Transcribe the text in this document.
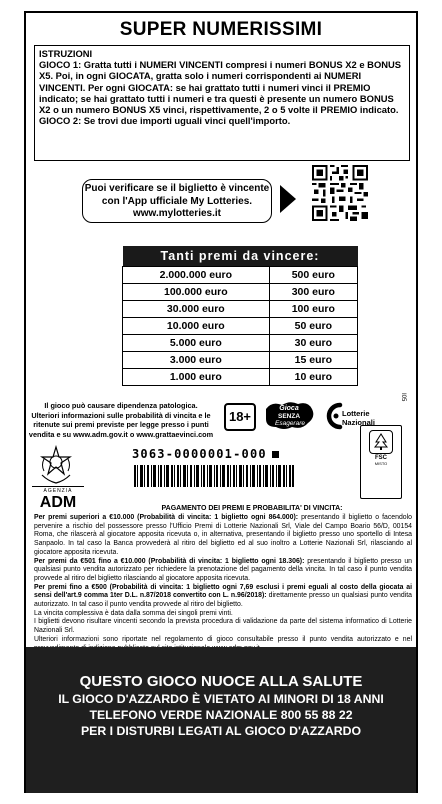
SUPER NUMERISSIMI

ISTRUZIONI

GIOCO 1: Gratta tutti i NUMERI VINCENTI compresi i numeri BONUS X2 e BONUS X5. Poi, in ogni GIOCATA, gratta solo i numeri corrispondenti ai NUMERI VINCENTI. Per ogni GIOCATA: se hai grattato tutti i numeri vinci il PREMIO indicato; se hai grattato tutti i numeri e tra questi è presente un numero BONUS X2 o un numero BONUS X5 vinci, rispettivamente, 2 o 5 volte il PREMIO indicato.

GIOCO 2: Se trovi due importi uguali vinci quell'importo.

Puoi verificare se il biglietto è vincente
con l'App ufficiale My Lotteries.
www.mylotteries.it
Tanti premi da vincere:	
2.000.000 euro	500 euro
100.000 euro	300 euro
30.000 euro	100 euro
10.000 euro	50 euro
5.000 euro	30 euro
3.000 euro	15 euro
1.000 euro	10 euro
Il gioco può causare dipendenza patologica.
Ulteriori informazioni sulle probabilità di vincita e le
ritenute sui premi previste per legge presso i punti
vendita e su www.adm.gov.it o www.grattaevinci.com
18+
Gioca
SENZA
Esagerare
Lotterie
Nazionali
I05
AGENZIA
ADM
3063-0000001-000	FSC
MISTO
PAGAMENTO DEI PREMI E PROBABILITA' DI VINCITA:

Per premi superiori a €10.000 (Probabilità di vincita: 1 biglietto ogni 864.000): presentando il biglietto o facendolo pervenire a rischio del possessore presso l'Ufficio Premi di Lotterie Nazionali Srl, Viale del Campo Boario 56/D, 00154 Roma, che rilascerà al giocatore apposita ricevuta o, in alternativa, presentando il biglietto presso uno sportello di Intesa Sanpaolo. In tal caso la Banca provvederà al ritiro del biglietto ed al suo inoltro a Lotterie Nazionali Srl, rilasciando al giocatore apposita ricevuta.

Per premi da €501 fino a €10.000 (Probabilità di vincita: 1 biglietto ogni 18.306): presentando il biglietto presso un qualsiasi punto vendita autorizzato per richiedere la prenotazione del pagamento della vincita. In tal caso il punto vendita provvede al ritiro del biglietto rilasciando al giocatore apposita ricevuta.

Per premi fino a €500 (Probabilità di vincita: 1 biglietto ogni 7,69 esclusi i premi eguali al costo della giocata ai sensi dell'art.9 comma 1ter D.L. n.87/2018 convertito con L. n.96/2018): direttamente presso un qualsiasi punto vendita autorizzato. In tal caso il punto vendita provvede al ritiro del biglietto.

La vincita complessiva è data dalla somma dei singoli premi vinti.

I biglietti devono risultare vincenti secondo la prevista procedura di validazione da parte del sistema informatico di Lotterie Nazionali Srl.

Ulteriori informazioni sono riportate nel regolamento di gioco consultabile presso il punto vendita autorizzato e nel

QUESTO GIOCO NUOCE ALLA SALUTE
IL GIOCO D'AZZARDO È VIETATO AI MINORI DI 18 ANNI
TELEFONO VERDE NAZIONALE 800 55 88 22
PER I DISTURBI LEGATI AL GIOCO D'AZZARDO
